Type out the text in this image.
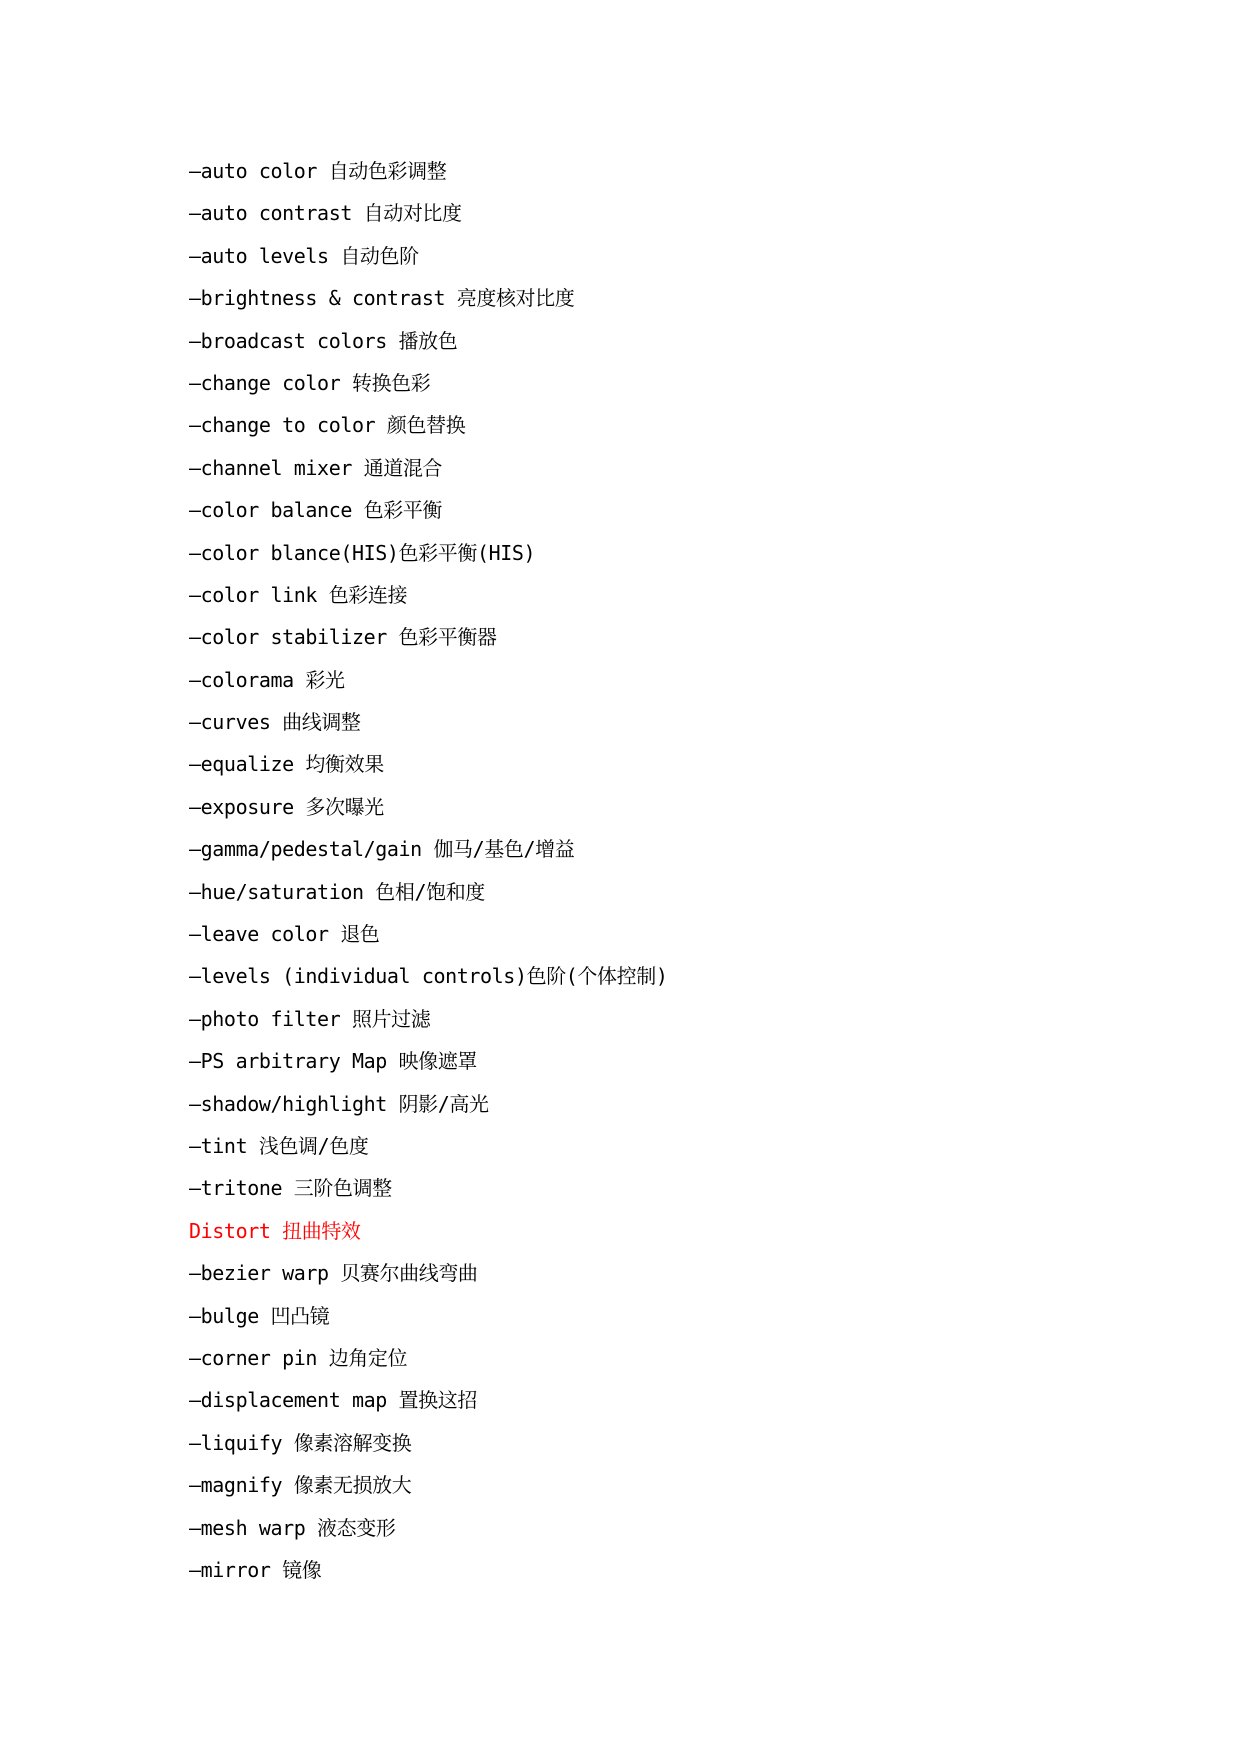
—auto color 自动色彩调整
—auto contrast 自动对比度
—auto levels 自动色阶
—brightness & contrast 亮度核对比度
—broadcast colors 播放色
—change color 转换色彩
—change to color 颜色替换
—channel mixer 通道混合
—color balance 色彩平衡
—color blance(HIS)色彩平衡(HIS)
—color link 色彩连接
—color stabilizer 色彩平衡器
—colorama 彩光
—curves 曲线调整
—equalize 均衡效果
—exposure 多次曝光
—gamma/pedestal/gain 伽马/基色/增益
—hue/saturation 色相/饱和度
—leave color 退色
—levels (individual controls)色阶(个体控制)
—photo filter 照片过滤
—PS arbitrary Map 映像遮罩
—shadow/highlight 阴影/高光
—tint 浅色调/色度
—tritone 三阶色调整
Distort 扭曲特效
—bezier warp 贝赛尔曲线弯曲
—bulge 凹凸镜
—corner pin 边角定位
—displacement map 置换这招
—liquify 像素溶解变换
—magnify 像素无损放大
—mesh warp 液态变形
—mirror 镜像
